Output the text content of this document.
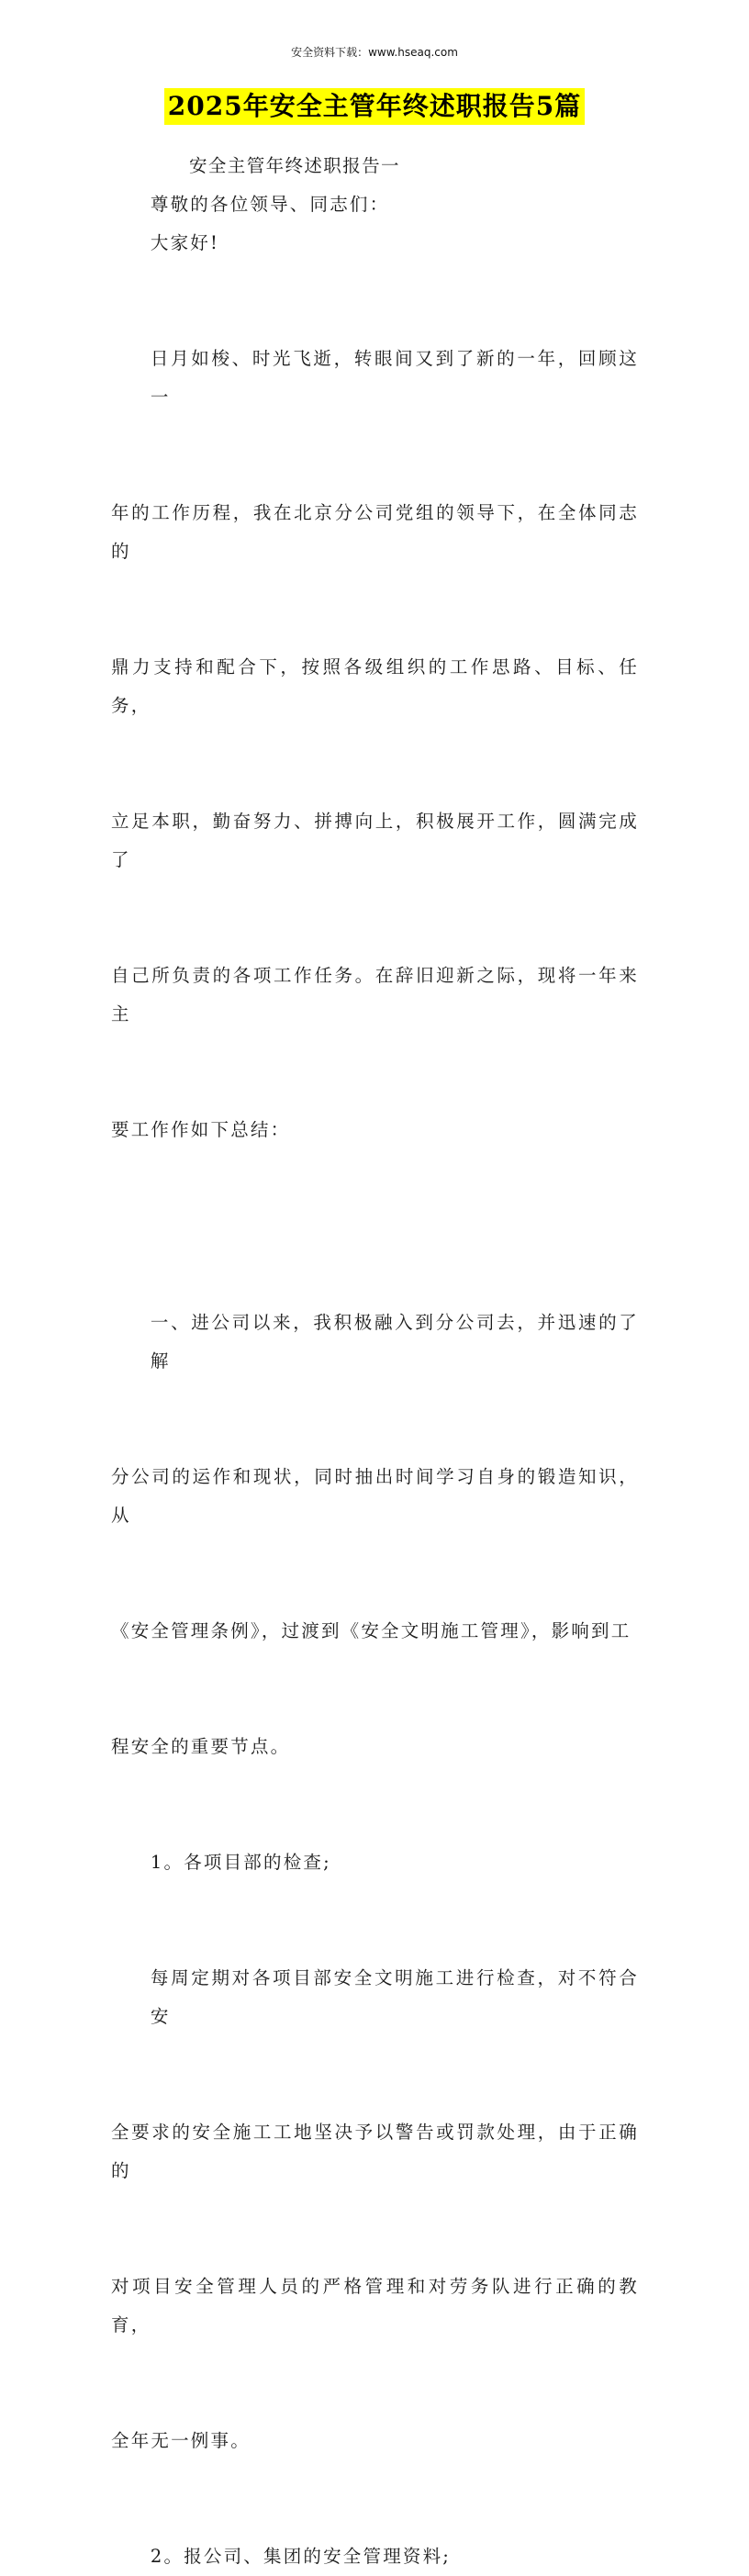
安全资料下载：www.hseaq.com
2025年安全主管年终述职报告5篇

安全主管年终述职报告一

尊敬的各位领导、同志们：

大家好!

日月如梭、时光飞逝，转眼间又到了新的一年，回顾这一

年的工作历程，我在北京分公司党组的领导下，在全体同志的

鼎力支持和配合下，按照各级组织的工作思路、目标、任务，

立足本职，勤奋努力、拼搏向上，积极展开工作，圆满完成了

自己所负责的各项工作任务。在辞旧迎新之际，现将一年来主

要工作作如下总结：

一、进公司以来，我积极融入到分公司去，并迅速的了解

分公司的运作和现状，同时抽出时间学习自身的锻造知识，从

《安全管理条例》，过渡到《安全文明施工管理》，影响到工

程安全的重要节点。

1。各项目部的检查;

每周定期对各项目部安全文明施工进行检查，对不符合安

全要求的安全施工工地坚决予以警告或罚款处理，由于正确的

对项目安全管理人员的严格管理和对劳务队进行正确的教育，

全年无一例事。

2。报公司、集团的安全管理资料;
